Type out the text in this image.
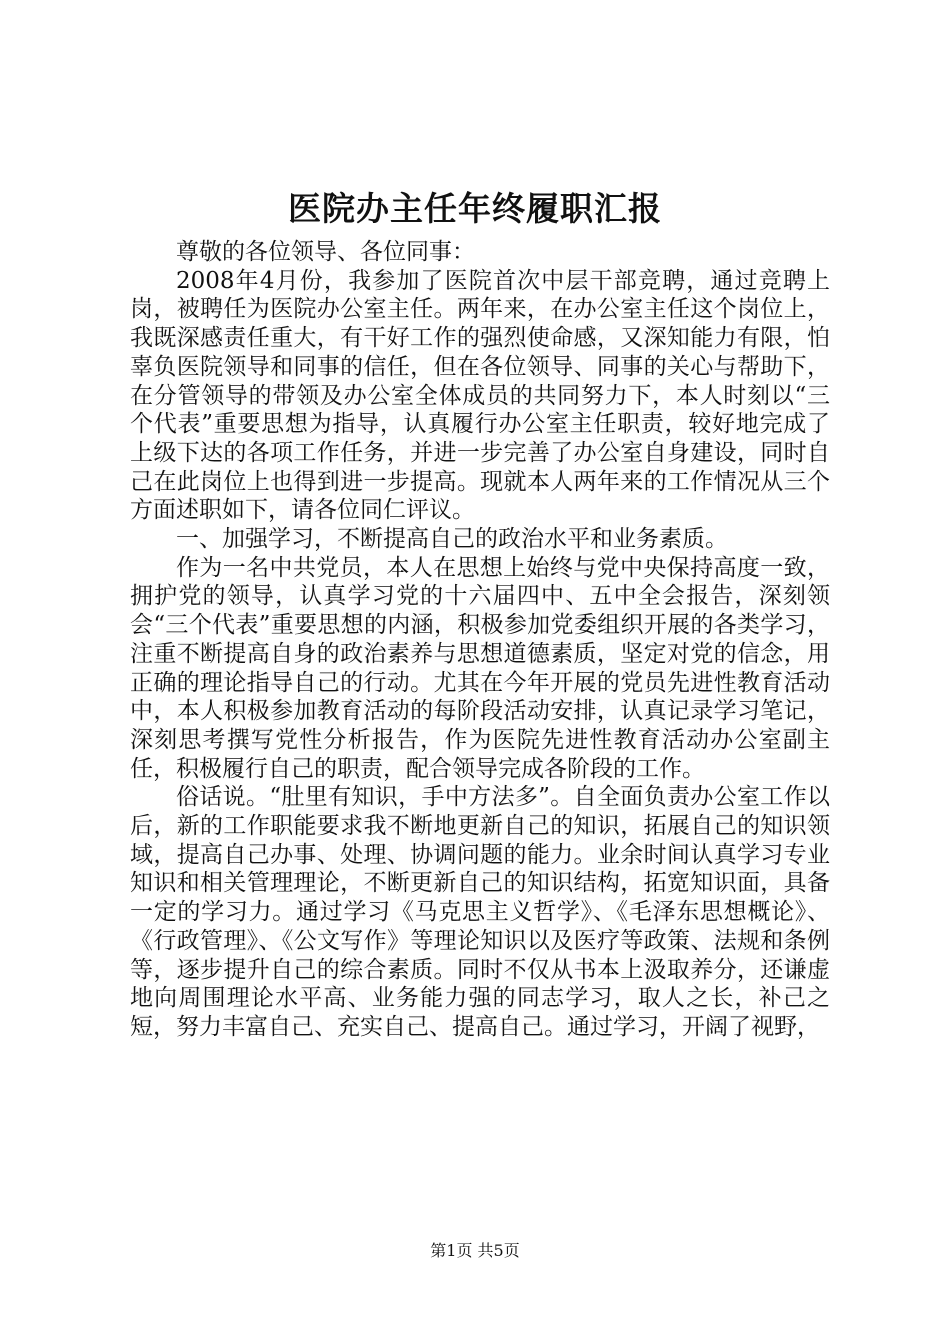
医院办主任年终履职汇报

尊敬的各位领导、各位同事：

2008年4月份，我参加了医院首次中层干部竞聘，通过竞聘上岗，被聘任为医院办公室主任。两年来，在办公室主任这个岗位上，我既深感责任重大，有干好工作的强烈使命感，又深知能力有限，怕辜负医院领导和同事的信任，但在各位领导、同事的关心与帮助下，在分管领导的带领及办公室全体成员的共同努力下，本人时刻以“三个代表”重要思想为指导，认真履行办公室主任职责，较好地完成了上级下达的各项工作任务，并进一步完善了办公室自身建设，同时自己在此岗位上也得到进一步提高。现就本人两年来的工作情况从三个方面述职如下，请各位同仁评议。

一、加强学习，不断提高自己的政治水平和业务素质。

作为一名中共党员，本人在思想上始终与党中央保持高度一致，拥护党的领导，认真学习党的十六届四中、五中全会报告，深刻领会“三个代表”重要思想的内涵，积极参加党委组织开展的各类学习，注重不断提高自身的政治素养与思想道德素质，坚定对党的信念，用正确的理论指导自己的行动。尤其在今年开展的党员先进性教育活动中，本人积极参加教育活动的每阶段活动安排，认真记录学习笔记，深刻思考撰写党性分析报告，作为医院先进性教育活动办公室副主任，积极履行自己的职责，配合领导完成各阶段的工作。

俗话说。“肚里有知识，手中方法多”。自全面负责办公室工作以后，新的工作职能要求我不断地更新自己的知识，拓展自己的知识领域，提高自己办事、处理、协调问题的能力。业余时间认真学习专业知识和相关管理理论，不断更新自己的知识结构，拓宽知识面，具备一定的学习力。通过学习《马克思主义哲学》、《毛泽东思想概论》、《行政管理》、《公文写作》等理论知识以及医疗等政策、法规和条例等，逐步提升自己的综合素质。同时不仅从书本上汲取养分，还谦虚地向周围理论水平高、业务能力强的同志学习，取人之长，补己之短，努力丰富自己、充实自己、提高自己。通过学习，开阔了视野，

第1页 共5页
